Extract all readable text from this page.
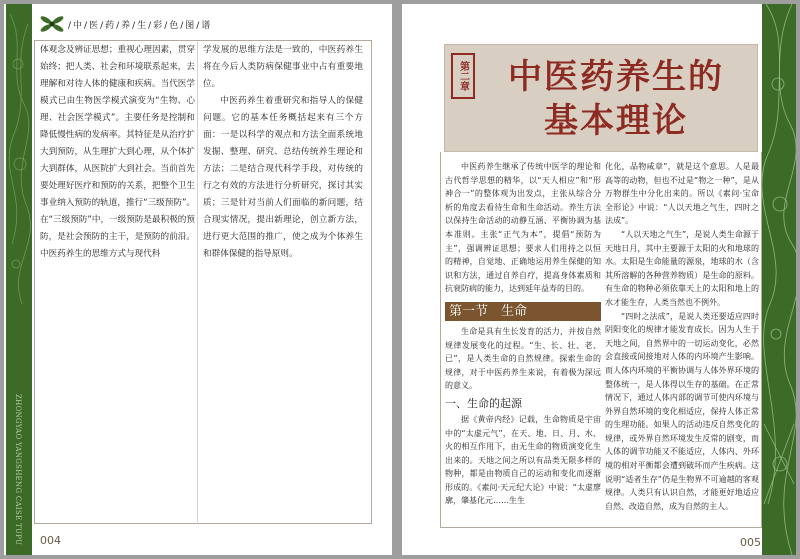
ZHONGYAO YANGSHENG CAISE TUPU
/中/医/药/养/生/彩/色/图/谱

体观念及辨证思想；重视心理因素，贯穿始终；把人类、社会和环境联系起来，去理解和对待人体的健康和疾病。当代医学模式已由生物医学模式演变为“生物、心理、社会医学模式”。主要任务是控制和降低慢性病的发病率。其特征是从治疗扩大到预防，从生理扩大到心理，从个体扩大到群体，从医院扩大到社会。当前首先要处理好医疗和预防的关系，把整个卫生事业纳入预防的轨道，推行“三级预防”。在“三级预防”中，一级预防是最积极的预防，是社会预防的主干，是预防的前沿。中医药养生的思维方式与现代科

学发展的思维方法是一致的，中医药养生将在今后人类防病保健事业中占有重要地位。

中医药养生着重研究和指导人的保健问题。它的基本任务概括起来有三个方面：一是以科学的观点和方法全面系统地发掘、整理、研究、总结传统养生理论和方法；二是结合现代科学手段，对传统的行之有效的方法进行分析研究，探讨其实质；三是针对当前人们面临的新问题，结合现实情况，提出新理论，创立新方法，进行更大范围的推广，使之成为个体养生和群体保健的指导原则。

004
第二章	中医药养生的
基本理论

中医药养生继承了传统中医学的理论和古代哲学思想的精华，以“天人相应”和“形神合一”的整体观为出发点，主张从综合分析的角度去看待生命和生命活动。养生方法以保持生命活动的动静互涵、平衡协调为基本准则。主张“正气为本”，提倡“预防为主”，强调辨证思想；要求人们用持之以恒的精神，自觉地、正确地运用养生保健的知识和方法，通过自养自疗，提高身体素质和抗衰防病的能力，达到延年益寿的目的。

第一节　生命

生命是具有生长发育的活力，并按自然规律发展变化的过程。“生、长、壮、老、已”，是人类生命的自然规律。探索生命的规律，对于中医药养生来说，有着极为深远的意义。

一、生命的起源

据《黄帝内经》记载，生命物质是宇宙中的“太虚元气”，在天、地、日、月、水、火的相互作用下，由无生命的物质演变化生出来的。天地之间之所以有品类无限多样的物种，都是由物质自己的运动和变化而逐渐形成的。《素问·天元纪大论》中说：“太虚廖廓，肇基化元……生生

化化，品物咸章”，就是这个意思。人是最高等的动物，但也不过是“物之一种”，是从万物群生中分化出来的。所以《素问·宝命全形论》中说：“人以天地之气生，四时之法成”。

“人以天地之气生”，是说人类生命源于天地日月，其中主要源于太阳的火和地球的水。太阳是生命能量的源泉，地球的水（含其所溶解的各种营养物质）是生命的原料。有生命的物种必须依靠天上的太阳和地上的水才能生存，人类当然也不例外。

“四时之法成”，是说人类还要适应四时阴阳变化的规律才能发育成长。因为人生于天地之间，自然界中的一切运动变化，必然会直接或间接地对人体的内环境产生影响。而人体内环境的平衡协调与人体外界环境的整体统一，是人体得以生存的基础。在正常情况下，通过人体内部的调节可使内环境与外界自然环境的变化相适应，保持人体正常的生理功能。如果人的活动违反自然变化的规律，或外界自然环境发生反常的剧变，而人体的调节功能又不能适应，人体内、外环境的相对平衡都会遭到破坏而产生疾病。这说明“适者生存”仍是生物界不可逾越的客观规律。人类只有认识自然，才能更好地适应自然、改造自然，成为自然的主人。

005
